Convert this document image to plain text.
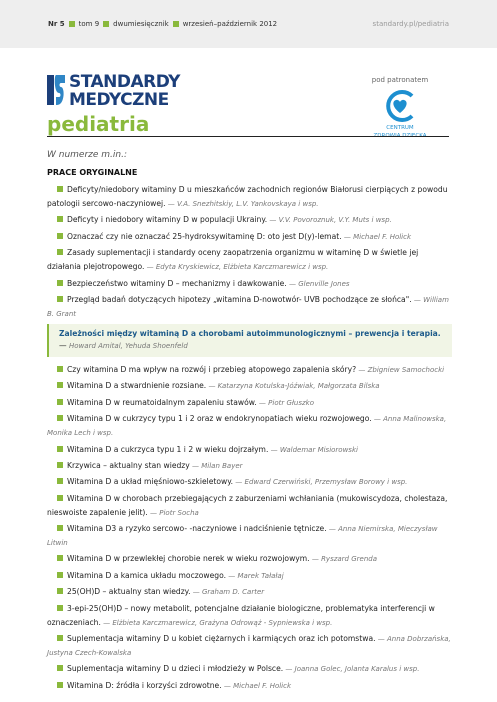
Nr 5 tom 9 dwumiesięcznik wrzesień–październik 2012	standardy.pl/pediatria
STANDARDY
MEDYCZNE
pediatria
pod patronatem
CENTRUM
W numerze m.in.:
PRACE ORYGINALNE
Deficyty/niedobory witaminy D u mieszkańców zachodnich regionów Białorusi cierpiących z powodu patologii sercowo-naczyniowej. — V.A. Snezhitskiy, L.V. Yankovskaya i wsp.
Deficyty i niedobory witaminy D w populacji Ukrainy. — V.V. Povoroznuk, V.Y. Muts i wsp.
Oznaczać czy nie oznaczać 25-hydroksywitaminę D: oto jest D(y)-lemat. — Michael F. Holick
Zasady suplementacji i standardy oceny zaopatrzenia organizmu w witaminę D w świetle jej działania plejotropowego. — Edyta Kryskiewicz, Elżbieta Karczmarewicz i wsp.
Bezpieczeństwo witaminy D – mechanizmy i dawkowanie. — Glenville Jones
Przegląd badań dotyczących hipotezy „witamina D-nowotwór- UVB pochodzące ze słońca". — William B. Grant
Zależności między witaminą D a chorobami autoimmunologicznymi – prewencja i terapia.
— Howard Amital, Yehuda Shoenfeld
Czy witamina D ma wpływ na rozwój i przebieg atopowego zapalenia skóry? — Zbigniew Samochocki
Witamina D a stwardnienie rozsiane. — Katarzyna Kotulska-Jóźwiak, Małgorzata Bilska
Witamina D w reumatoidalnym zapaleniu stawów. — Piotr Głuszko
Witamina D w cukrzycy typu 1 i 2 oraz w endokrynopatiach wieku rozwojowego. — Anna Malinowska, Monika Lech i wsp.
Witamina D a cukrzyca typu 1 i 2 w wieku dojrzałym. — Waldemar Misiorowski
Krzywica – aktualny stan wiedzy — Milan Bayer
Witamina D a układ mięśniowo-szkieletowy. — Edward Czerwiński, Przemysław Borowy i wsp.
Witamina D w chorobach przebiegających z zaburzeniami wchłaniania (mukowiscydoza, cholestaza, nieswoiste zapalenie jelit). — Piotr Socha
Witamina D3 a ryzyko sercowo- -naczyniowe i nadciśnienie tętnicze. — Anna Niemirska, Mieczysław Litwin
Witamina D w przewlekłej chorobie nerek w wieku rozwojowym. — Ryszard Grenda
Witamina D a kamica układu moczowego. — Marek Tałałaj
25(OH)D – aktualny stan wiedzy. — Graham D. Carter
3-epi-25(OH)D – nowy metabolit, potencjalne działanie biologiczne, problematyka interferencji w oznaczeniach. — Elżbieta Karczmarewicz, Grażyna Odrowąż - Sypniewska i wsp.
Suplementacja witaminy D u kobiet ciężarnych i karmiących oraz ich potomstwa. — Anna Dobrzańska, Justyna Czech-Kowalska
Suplementacja witaminy D u dzieci i młodzieży w Polsce. — Joanna Golec, Jolanta Karalus i wsp.
Witamina D: źródła i korzyści zdrowotne. — Michael F. Holick
